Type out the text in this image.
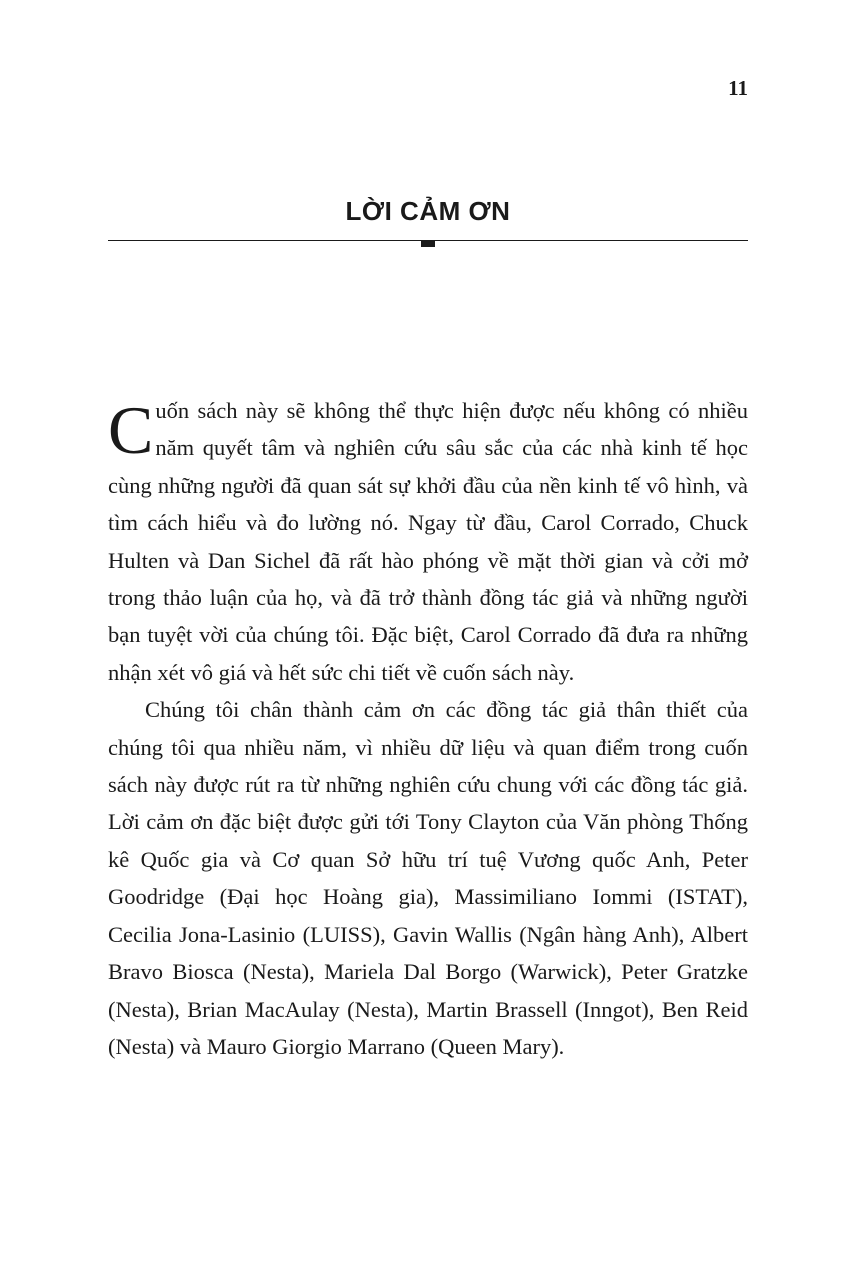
11
LỜI CẢM ƠN

Cuốn sách này sẽ không thể thực hiện được nếu không có nhiều năm quyết tâm và nghiên cứu sâu sắc của các nhà kinh tế học cùng những người đã quan sát sự khởi đầu của nền kinh tế vô hình, và tìm cách hiểu và đo lường nó. Ngay từ đầu, Carol Corrado, Chuck Hulten và Dan Sichel đã rất hào phóng về mặt thời gian và cởi mở trong thảo luận của họ, và đã trở thành đồng tác giả và những người bạn tuyệt vời của chúng tôi. Đặc biệt, Carol Corrado đã đưa ra những nhận xét vô giá và hết sức chi tiết về cuốn sách này.

Chúng tôi chân thành cảm ơn các đồng tác giả thân thiết của chúng tôi qua nhiều năm, vì nhiều dữ liệu và quan điểm trong cuốn sách này được rút ra từ những nghiên cứu chung với các đồng tác giả. Lời cảm ơn đặc biệt được gửi tới Tony Clayton của Văn phòng Thống kê Quốc gia và Cơ quan Sở hữu trí tuệ Vương quốc Anh, Peter Goodridge (Đại học Hoàng gia), Massimiliano Iommi (ISTAT), Cecilia Jona-Lasinio (LUISS), Gavin Wallis (Ngân hàng Anh), Albert Bravo Biosca (Nesta), Mariela Dal Borgo (Warwick), Peter Gratzke (Nesta), Brian MacAulay (Nesta), Martin Brassell (Inngot), Ben Reid (Nesta) và Mauro Giorgio Marrano (Queen Mary).
